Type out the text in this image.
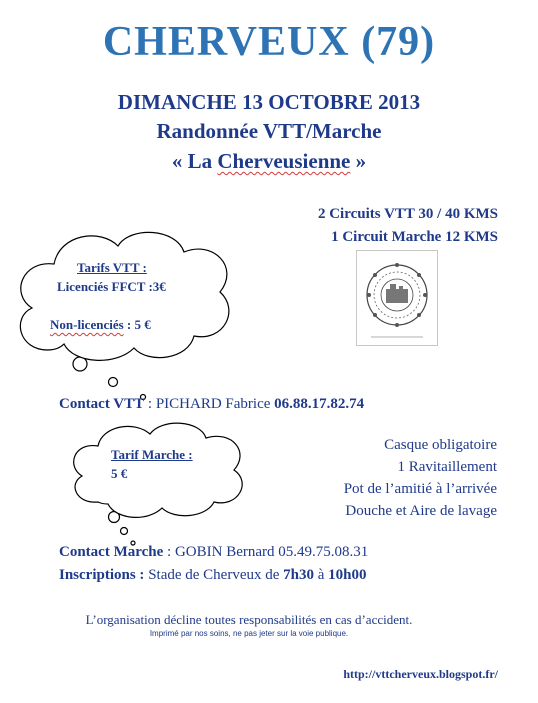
CHERVEUX (79)
DIMANCHE 13 OCTOBRE 2013
Randonnée VTT/Marche
« La Cherveusienne »
2 Circuits VTT 30 / 40 KMS
1 Circuit Marche 12 KMS
Tarifs VTT :
Licenciés FFCT :3€
Non-licenciés : 5 €
Contact VTT : PICHARD Fabrice 06.88.17.82.74
Tarif Marche :
5 €
Casque obligatoire
1 Ravitaillement
Pot de l’amitié à l’arrivée
Douche et Aire de lavage
Contact Marche : GOBIN Bernard 05.49.75.08.31
Inscriptions : Stade de Cherveux de 7h30 à 10h00
L’organisation décline toutes responsabilités en cas d’accident.
Imprimé par nos soins, ne pas jeter sur la voie publique.
http://vttcherveux.blogspot.fr/
